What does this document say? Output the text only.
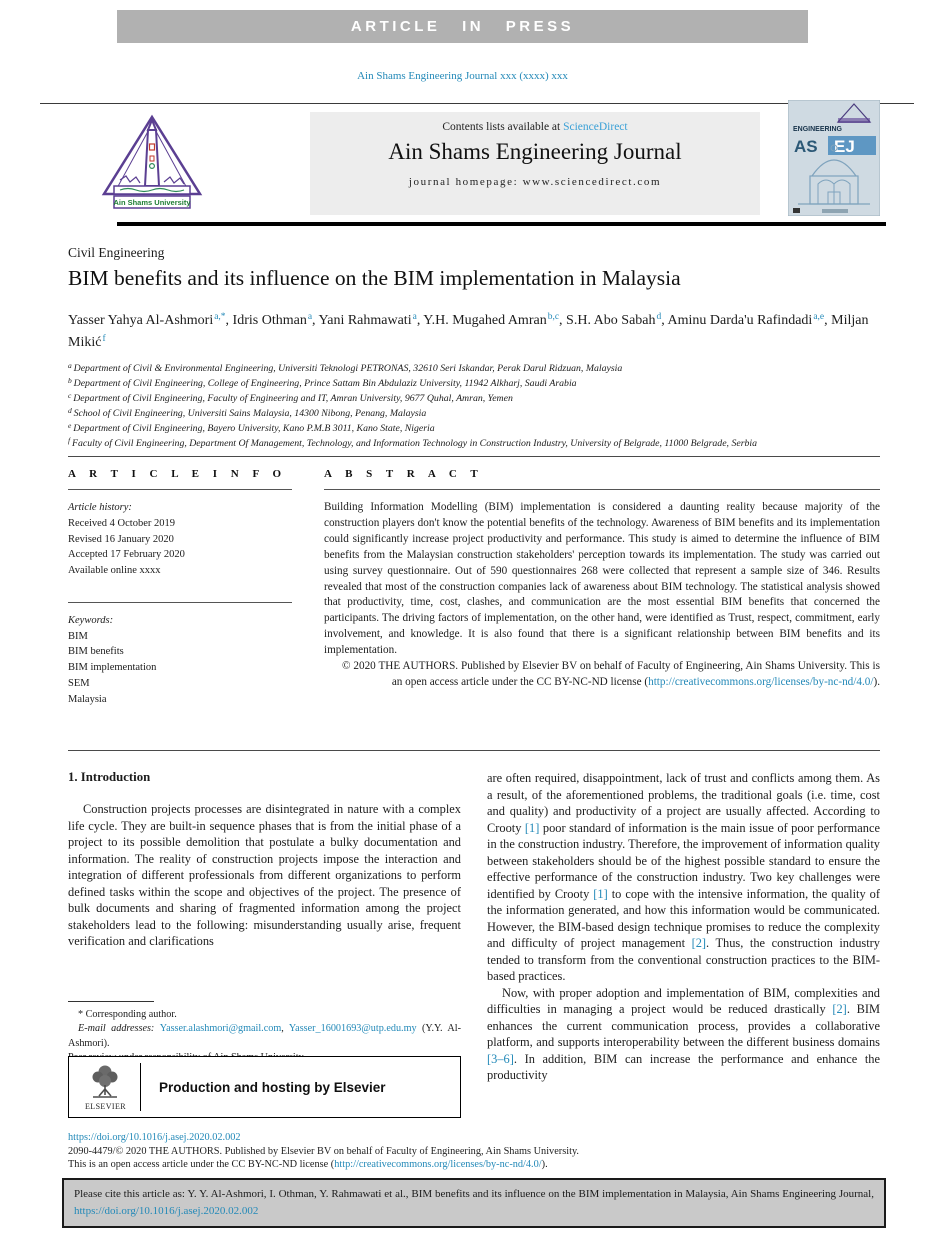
ARTICLE IN PRESS
Ain Shams Engineering Journal xxx (xxxx) xxx
Ain Shams University
Contents lists available at ScienceDirect
Ain Shams Engineering Journal
journal homepage: www.sciencedirect.com
ENGINEERING
AS EJ
Civil Engineering
BIM benefits and its influence on the BIM implementation in Malaysia
Yasser Yahya Al-Ashmori$^{a,*}$, Idris Othman$^a$, Yani Rahmawati$^a$, Y.H. Mugahed Amran$^{b,c}$, S.H. Abo Sabah$^d$, Aminu Darda'u Rafindadi$^{a,e}$, Miljan Mikić$^f$
$^a$ Department of Civil & Environmental Engineering, Universiti Teknologi PETRONAS, 32610 Seri Iskandar, Perak Darul Ridzuan, Malaysia
$^b$ Department of Civil Engineering, College of Engineering, Prince Sattam Bin Abdulaziz University, 11942 Alkharj, Saudi Arabia
$^c$ Department of Civil Engineering, Faculty of Engineering and IT, Amran University, 9677 Quhal, Amran, Yemen
$^d$ School of Civil Engineering, Universiti Sains Malaysia, 14300 Nibong, Penang, Malaysia
$^e$ Department of Civil Engineering, Bayero University, Kano P.M.B 3011, Kano State, Nigeria
$^f$ Faculty of Civil Engineering, Department Of Management, Technology, and Information Technology in Construction Industry, University of Belgrade, 11000 Belgrade, Serbia
A R T I C L E I N F O
Article history:
Received 4 October 2019
Revised 16 January 2020
Accepted 17 February 2020
Available online xxxx
Keywords:
BIM
BIM benefits
BIM implementation
SEM
Malaysia
A B S T R A C T

Building Information Modelling (BIM) implementation is considered a daunting reality because majority of the construction players don't know the potential benefits of the technology. Awareness of BIM benefits and its implementation could significantly increase project productivity and performance. This study is aimed to determine the influence of BIM benefits from the Malaysian construction stakeholders' perception towards its implementation. The study was carried out using survey questionnaire. Out of 590 questionnaires 268 were collected that represent a sample size of 346. Results revealed that most of the construction companies lack of awareness about BIM technology. The statistical analysis showed that productivity, time, cost, clashes, and communication are the most essential BIM benefits that concerned the participants. The driving factors of implementation, on the other hand, were identified as Trust, respect, commitment, early involvement, and knowledge. It is also found that there is a significant relationship between BIM benefits and its implementation.

© 2020 THE AUTHORS. Published by Elsevier BV on behalf of Faculty of Engineering, Ain Shams University. This is an open access article under the CC BY-NC-ND license (http://creativecommons.org/licenses/by-nc-nd/4.0/).

1. Introduction

Construction projects processes are disintegrated in nature with a complex life cycle. They are built-in sequence phases that is from the initial phase of a project to its possible demolition that postulate a bulky documentation and information. The reality of construction projects impose the interaction and integration of different professionals from different organizations to perform defined tasks within the scope and objectives of the project. The presence of bulk documents and sharing of fragmented information among the project stakeholders lead to the following: misunderstanding usually arise, frequent verification and clarifications

are often required, disappointment, lack of trust and conflicts among them. As a result, of the aforementioned problems, the traditional goals (i.e. time, cost and quality) and productivity of a project are usually affected. According to Crooty [1] poor standard of information is the main issue of poor performance in the construction industry. Therefore, the improvement of information quality between stakeholders should be of the highest possible standard to ensure the effective performance of the construction industry. Two key challenges were identified by Crooty [1] to cope with the intensive information, the quality of the information generated, and how this information would be communicated. However, the BIM-based design technique promises to reduce the complexity and difficulty of project management [2]. Thus, the construction industry tended to transform from the conventional construction practices to the BIM-based practices.

Now, with proper adoption and implementation of BIM, complexities and difficulties in managing a project would be reduced drastically [2]. BIM enhances the current communication process, provides a collaborative platform, and supports interoperability between the different business domains [3–6]. In addition, BIM can increase the performance and enhance the productivity

* Corresponding author.

E-mail addresses: Yasser.alashmori@gmail.com, Yasser_16001693@utp.edu.my (Y.Y. Al-Ashmori).

ELSEVIER
Production and hosting by Elsevier
https://doi.org/10.1016/j.asej.2020.02.002
2090-4479/© 2020 THE AUTHORS. Published by Elsevier BV on behalf of Faculty of Engineering, Ain Shams University.
This is an open access article under the CC BY-NC-ND license (http://creativecommons.org/licenses/by-nc-nd/4.0/).
Please cite this article as: Y. Y. Al-Ashmori, I. Othman, Y. Rahmawati et al., BIM benefits and its influence on the BIM implementation in Malaysia, Ain Shams Engineering Journal, https://doi.org/10.1016/j.asej.2020.02.002
